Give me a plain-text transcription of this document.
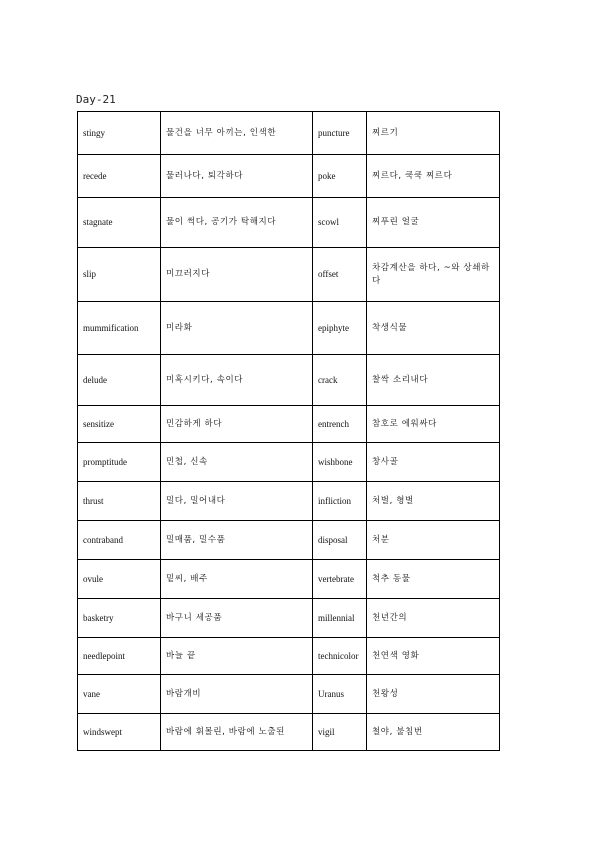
Day-21
stingy	물건을 너무 아끼는, 인색한	puncture	찌르기
recede	물러나다, 퇴각하다	poke	찌르다, 쿡쿡 찌르다
stagnate	물이 썩다, 공기가 탁해지다	scowl	찌푸린 얼굴
slip	미끄러지다	offset	차감계산을 하다, ~와 상쇄하다
mummification	미라화	epiphyte	착생식물
delude	미혹시키다, 속이다	crack	찰싹 소리내다
sensitize	민감하게 하다	entrench	참호로 에워싸다
promptitude	민첩, 신속	wishbone	창사골
thrust	밀다, 밀어내다	infliction	처벌, 형벌
contraband	밀매품, 밀수품	disposal	처분
ovule	밑씨, 배주	vertebrate	척추 동물
basketry	바구니 세공품	millennial	천년간의
needlepoint	바늘 끝	technicolor	천연색 영화
vane	바람개비	Uranus	천왕성
windswept	바람에 휘몰린, 바람에 노출된	vigil	철야, 불침번
